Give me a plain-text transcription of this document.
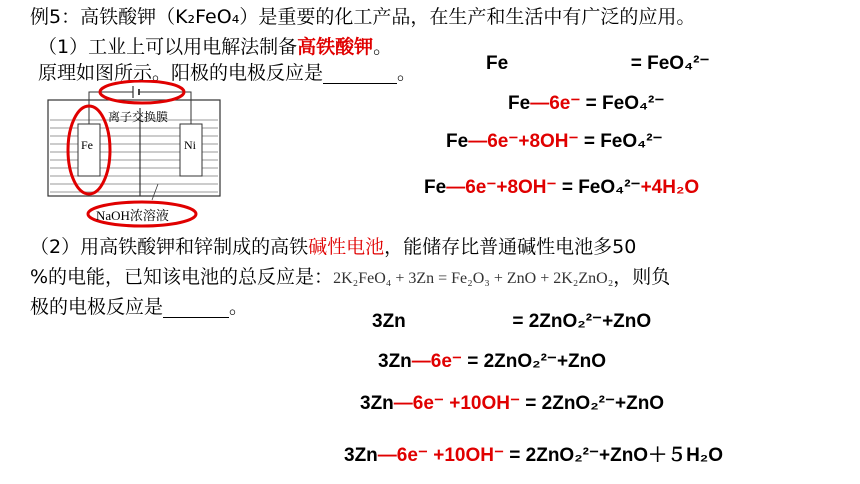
例5：高铁酸钾（K₂FeO₄）是重要的化工产品，在生产和生活中有广泛的应用。
（1）工业上可以用电解法制备高铁酸钾。
原理如图所示。阳极的电极反应是	。
离子交换膜
Fe	Ni
NaOH浓溶液
Fe	= FeO₄²⁻
Fe—6e⁻ = FeO₄²⁻
Fe—6e⁻+8OH⁻ = FeO₄²⁻
Fe—6e⁻+8OH⁻ = FeO₄²⁻+4H₂O
（2）用高铁酸钾和锌制成的高铁碱性电池，能储存比普通碱性电池多50
%的电能，已知该电池的总反应是：2K₂FeO₄ + 3Zn = Fe₂O₃ + ZnO + 2K₂ZnO₂，则负
极的电极反应是	。
3Zn	= 2ZnO₂²⁻+ZnO
3Zn—6e⁻ = 2ZnO₂²⁻+ZnO
3Zn—6e⁻ +10OH⁻ = 2ZnO₂²⁻+ZnO
3Zn—6e⁻ +10OH⁻ = 2ZnO₂²⁻+ZnO＋５H₂O
